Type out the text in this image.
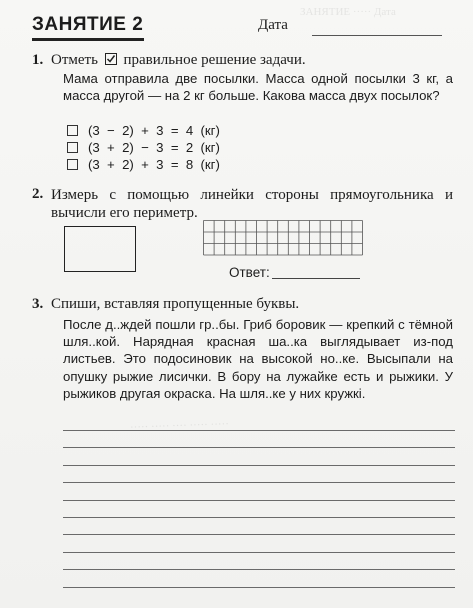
ЗАНЯТИЕ 2	Дата
1. Отметь правильное решение задачи.
Мама отправила две посылки. Масса одной посылки 3 кг, а масса другой — на 2 кг больше. Какова масса двух посылок?
(3  −  2)  +  3  =  4  (кг)
(3  +  2)  −  3  =  2  (кг)
(3  +  2)  +  3  =  8  (кг)
2. Измерь с помощью линейки стороны прямоугольника и вычисли его периметр.
Ответ:
3. Спиши, вставляя пропущенные буквы.
После д..ждей пошли гр..бы. Гриб боровик — крепкий с тёмной шля..кой. Нарядная красная ша..ка выглядывает из-под листьев. Это подосиновик на высокой но..ке. Высыпали на опушку рыжие лисички. В бору на лужайке есть и рыжики. У рыжиков другая окраска. На шля..ке у них кружкі.
ЗАНЯТИЕ ····· Дата
····· ····· ···· ····· ·····
